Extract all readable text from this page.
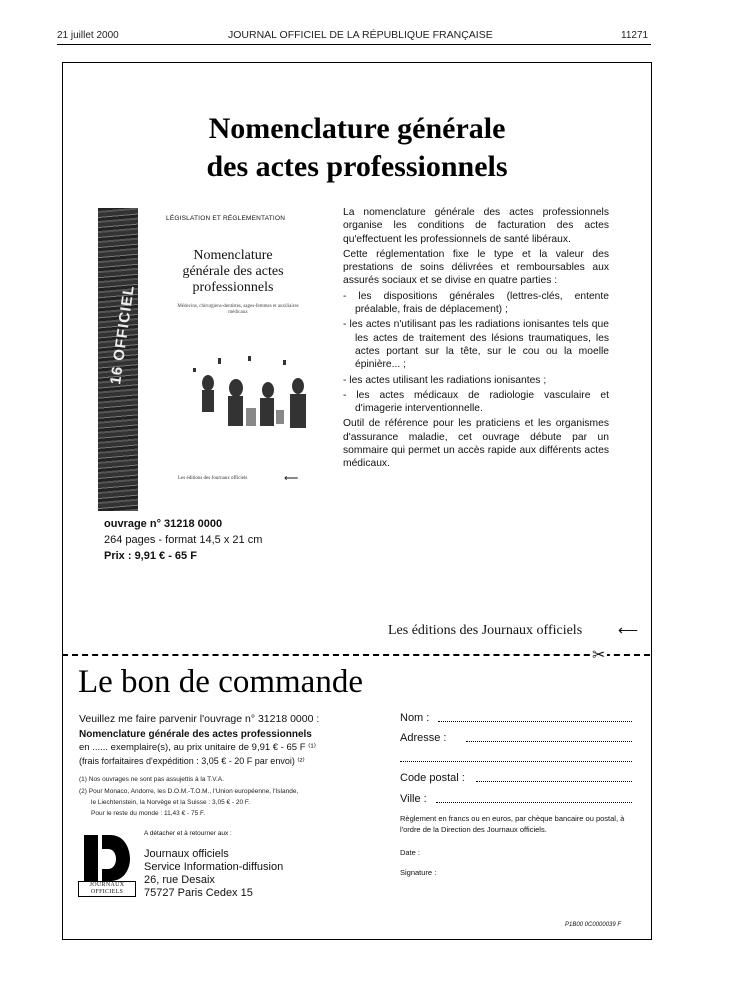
21 juillet 2000	JOURNAL OFFICIEL DE LA RÉPUBLIQUE FRANÇAISE	11271
Nomenclature générale
des actes professionnels
LÉGISLATION ET RÉGLEMENTATION
Nomenclature
générale des actes
professionnels
Médecins, chirurgiens-dentistes, sages-femmes et auxiliaires médicaux
Les éditions des Journaux officiels	⟵
ouvrage n° 31218 0000
264 pages - format 14,5 x 21 cm
Prix : 9,91 € - 65 F

La nomenclature générale des actes professionnels organise les conditions de facturation des actes qu'effectuent les professionnels de santé libéraux.

Cette réglementation fixe le type et la valeur des prestations de soins délivrées et remboursables aux assurés sociaux et se divise en quatre parties :

- les dispositions générales (lettres-clés, entente préalable, frais de déplacement) ;
- les actes n'utilisant pas les radiations ionisantes tels que les actes de traitement des lésions traumatiques, les actes portant sur la tête, sur le cou ou la moelle épinière... ;
- les actes utilisant les radiations ionisantes ;
- les actes médicaux de radiologie vasculaire et d'imagerie interventionnelle.

Outil de référence pour les praticiens et les organismes d'assurance maladie, cet ouvrage débute par un sommaire qui permet un accès rapide aux différents actes médicaux.

Les éditions des Journaux officiels	⟵
✂
Le bon de commande
Veuillez me faire parvenir l'ouvrage n° 31218 0000 :
Nomenclature générale des actes professionnels
en ...... exemplaire(s), au prix unitaire de 9,91 € - 65 F ⁽¹⁾
(frais forfaitaires d'expédition : 3,05 € - 20 F par envoi) ⁽²⁾
(1) Nos ouvrages ne sont pas assujettis à la T.V.A.
(2) Pour Monaco, Andorre, les D.O.M.-T.O.M., l'Union européenne, l'Islande,
le Liechtenstein, la Norvège et la Suisse : 3,05 € - 20 F.
Pour le reste du monde : 11,43 € - 75 F.
JOURNAUX
OFFICIELS
A détacher et à retourner aux :
Journaux officiels
Service Information-diffusion
26, rue Desaix
75727 Paris Cedex 15
Nom :
Adresse :
Code postal :
Ville :
Règlement en francs ou en euros, par chèque bancaire ou postal, à l'ordre de la Direction des Journaux officiels.
Date :
Signature :
P1B00 0C0000039 F
